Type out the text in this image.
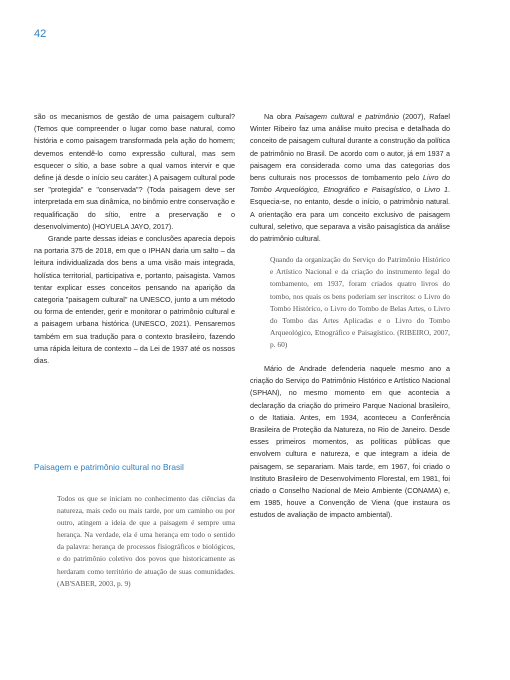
42

são os mecanismos de gestão de uma paisagem cultural? (Temos que compreender o lugar como base natural, como história e como paisagem transformada pela ação do homem; devemos entendê-lo como expressão cultural, mas sem esquecer o sítio, a base sobre a qual vamos intervir e que define já desde o início seu caráter.) A paisagem cultural pode ser "protegida" e "conservada"? (Toda paisagem deve ser interpretada em sua dinâmica, no binômio entre conservação e requalificação do sítio, entre a preservação e o desenvolvimento) (HOYUELA JAYO, 2017).

Grande parte dessas ideias e conclusões aparecia depois na portaria 375 de 2018, em que o IPHAN daria um salto – da leitura individualizada dos bens a uma visão mais integrada, holística territorial, participativa e, portanto, paisagista. Vamos tentar explicar esses conceitos pensando na aparição da categoria "paisagem cultural" na UNESCO, junto a um método ou forma de entender, gerir e monitorar o patrimônio cultural e a paisagem urbana histórica (UNESCO, 2021). Pensaremos também em sua tradução para o contexto brasileiro, fazendo uma rápida leitura de contexto – da Lei de 1937 até os nossos dias.

Paisagem e patrimônio cultural no Brasil

Todos os que se iniciam no conhecimento das ciências da natureza, mais cedo ou mais tarde, por um caminho ou por outro, atingem a ideia de que a paisagem é sempre uma herança. Na verdade, ela é uma herança em todo o sentido da palavra: herança de processos fisiográficos e biológicos, e do patrimônio coletivo dos povos que historicamente as herdaram como território de atuação de suas comunidades. (AB'SABER, 2003, p. 9)

Na obra Paisagem cultural e patrimônio (2007), Rafael Winter Ribeiro faz uma análise muito precisa e detalhada do conceito de paisagem cultural durante a construção da política de patrimônio no Brasil. De acordo com o autor, já em 1937 a paisagem era considerada como uma das categorias dos bens culturais nos processos de tombamento pelo Livro do Tombo Arqueológico, Etnográfico e Paisagístico, o Livro 1. Esquecia-se, no entanto, desde o início, o patrimônio natural. A orientação era para um conceito exclusivo de paisagem cultural, seletivo, que separava a visão paisagística da análise do patrimônio cultural.

Quando da organização do Serviço do Patrimônio Histórico e Artístico Nacional e da criação do instrumento legal do tombamento, em 1937, foram criados quatro livros do tombo, nos quais os bens poderiam ser inscritos: o Livro do Tombo Histórico, o Livro do Tombo de Belas Artes, o Livro do Tombo das Artes Aplicadas e o Livro do Tombo Arqueológico, Etnográfico e Paisagístico. (RIBEIRO, 2007, p. 60)

Mário de Andrade defenderia naquele mesmo ano a criação do Serviço do Patrimônio Histórico e Artístico Nacional (SPHAN), no mesmo momento em que acontecia a declaração da criação do primeiro Parque Nacional brasileiro, o de Itatiaia. Antes, em 1934, aconteceu a Conferência Brasileira de Proteção da Natureza, no Rio de Janeiro. Desde esses primeiros momentos, as políticas públicas que envolvem cultura e natureza, e que integram a ideia de paisagem, se separariam. Mais tarde, em 1967, foi criado o Instituto Brasileiro de Desenvolvimento Florestal, em 1981, foi criado o Conselho Nacional de Meio Ambiente (CONAMA) e, em 1985, houve a Convenção de Viena (que instaura os estudos de avaliação de impacto ambiental).
